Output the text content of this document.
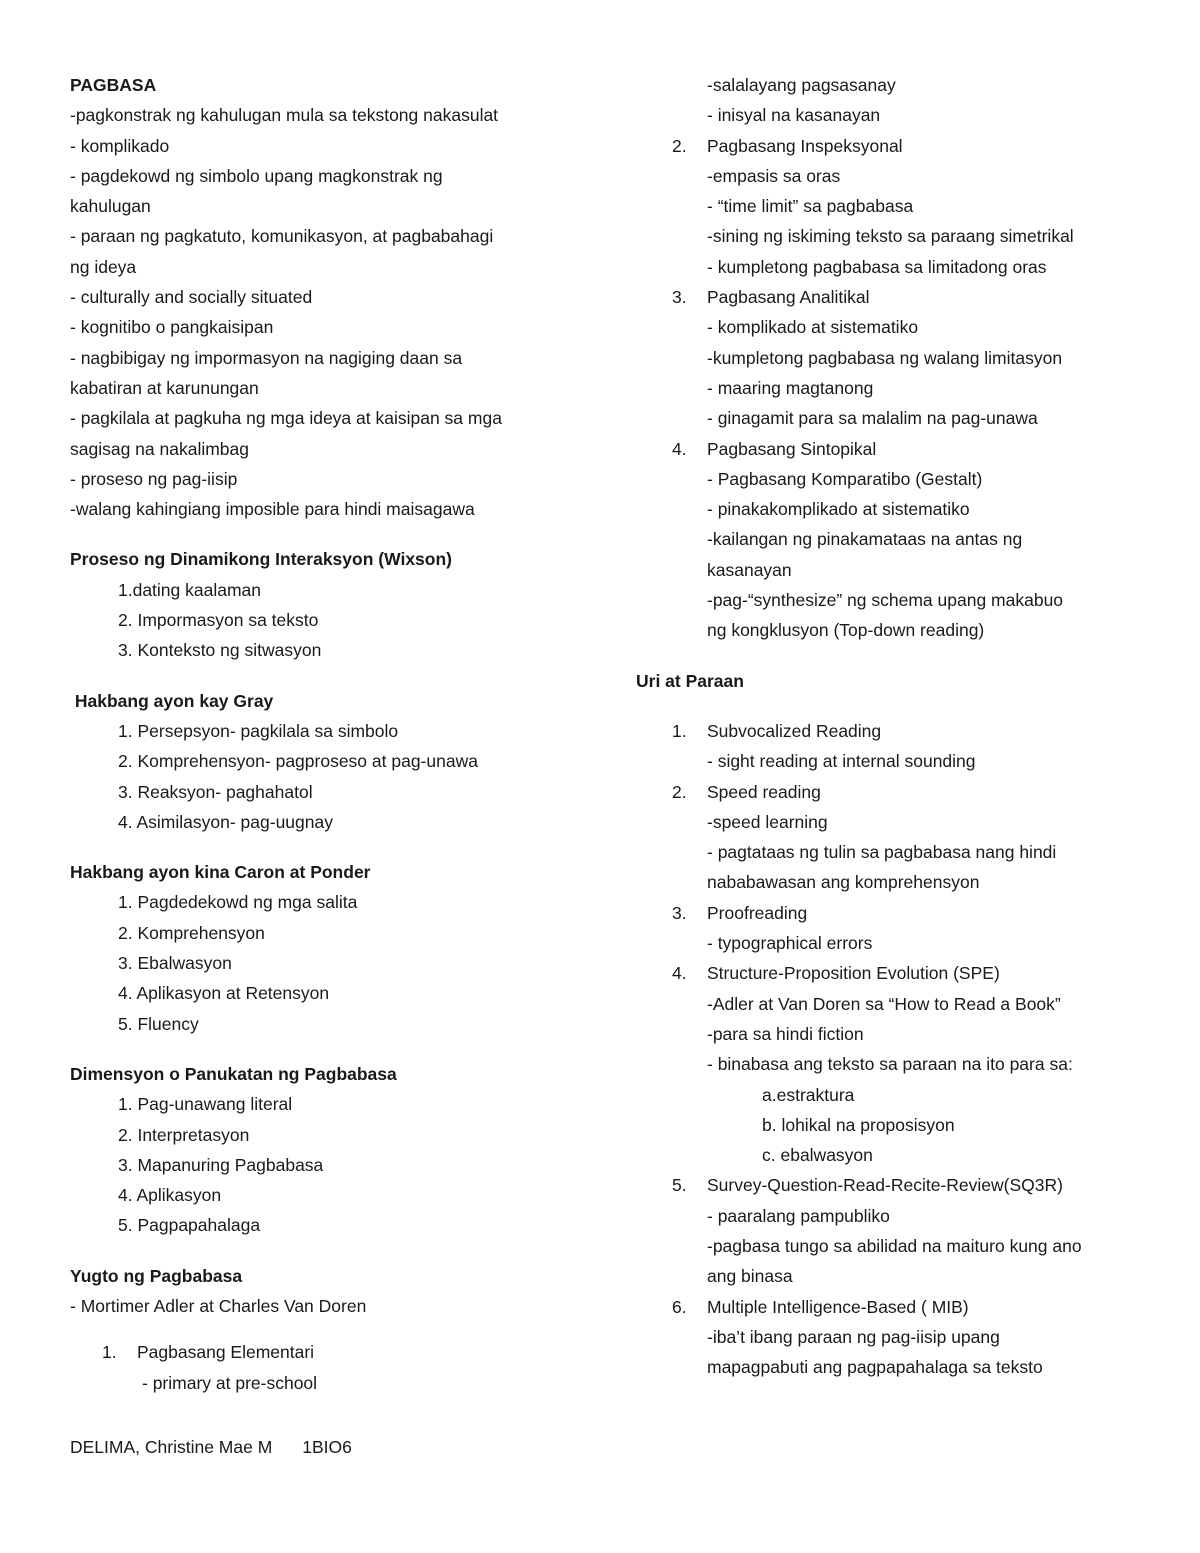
PAGBASA
-pagkonstrak ng kahulugan mula sa tekstong nakasulat
- komplikado
- pagdekowd ng simbolo upang magkonstrak ng
kahulugan
- paraan ng pagkatuto, komunikasyon, at pagbabahagi
ng ideya
- culturally and socially situated
- kognitibo o pangkaisipan
- nagbibigay ng impormasyon na nagiging daan sa
kabatiran at karunungan
- pagkilala at pagkuha ng mga ideya at kaisipan sa mga
sagisag na nakalimbag
- proseso ng pag-iisip
-walang kahingiang imposible para hindi maisagawa
Proseso ng Dinamikong Interaksyon (Wixson)
1.dating kaalaman
2. Impormasyon sa teksto
3. Konteksto ng sitwasyon
Hakbang ayon kay Gray
1. Persepsyon- pagkilala sa simbolo
2. Komprehensyon- pagproseso at pag-unawa
3. Reaksyon- paghahatol
4. Asimilasyon- pag-uugnay
Hakbang ayon kina Caron at Ponder
1. Pagdedekowd ng mga salita
2. Komprehensyon
3. Ebalwasyon
4. Aplikasyon at Retensyon
5. Fluency
Dimensyon o Panukatan ng Pagbabasa
1. Pag-unawang literal
2. Interpretasyon
3. Mapanuring Pagbabasa
4. Aplikasyon
5. Pagpapahalaga
Yugto ng Pagbabasa
- Mortimer Adler at Charles Van Doren
1. Pagbasang Elementari
- primary at pre-school
-salalayang pagsasanay
- inisyal na kasanayan
2. Pagbasang Inspeksyonal
-empasis sa oras
- “time limit” sa pagbabasa
-sining ng iskiming teksto sa paraang simetrikal
- kumpletong pagbabasa sa limitadong oras
3. Pagbasang Analitikal
- komplikado at sistematiko
-kumpletong pagbabasa ng walang limitasyon
- maaring magtanong
- ginagamit para sa malalim na pag-unawa
4. Pagbasang Sintopikal
- Pagbasang Komparatibo (Gestalt)
- pinakakomplikado at sistematiko
-kailangan ng pinakamataas na antas ng
kasanayan
-pag-“synthesize” ng schema upang makabuo
ng kongklusyon (Top-down reading)
Uri at Paraan
1. Subvocalized Reading
- sight reading at internal sounding
2. Speed reading
-speed learning
- pagtataas ng tulin sa pagbabasa nang hindi
nababawasan ang komprehensyon
3. Proofreading
- typographical errors
4. Structure-Proposition Evolution (SPE)
-Adler at Van Doren sa “How to Read a Book”
-para sa hindi fiction
- binabasa ang teksto sa paraan na ito para sa:
a.estraktura
b. lohikal na proposisyon
c. ebalwasyon
5. Survey-Question-Read-Recite-Review(SQ3R)
- paaralang pampubliko
-pagbasa tungo sa abilidad na maituro kung ano
ang binasa
6. Multiple Intelligence-Based ( MIB)
-iba’t ibang paraan ng pag-iisip upang
mapagpabuti ang pagpapahalaga sa teksto
DELIMA, Christine Mae M 1BIO6
